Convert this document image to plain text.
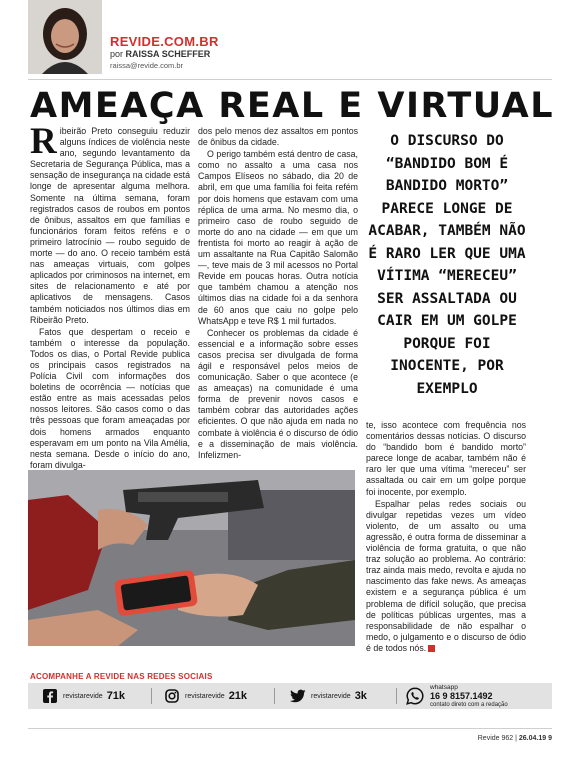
REVIDE.COM.BR
por RAISSA SCHEFFER
raissa@revide.com.br
AMEAÇA REAL E VIRTUAL

Ribeirão Preto conseguiu reduzir alguns índices de violência neste ano, segundo levantamento da Secretaria de Segurança Pública, mas a sensação de insegurança na cidade está longe de apresentar alguma melhora. Somente na última semana, foram registrados casos de roubos em pontos de ônibus, assaltos em que famílias e funcionários foram feitos reféns e o primeiro latrocínio — roubo seguido de morte — do ano. O receio também está nas ameaças virtuais, com golpes aplicados por criminosos na internet, em sites de relacionamento e até por aplicativos de mensagens. Casos também noticiados nos últimos dias em Ribeirão Preto.

Fatos que despertam o receio e também o interesse da população. Todos os dias, o Portal Revide publica os principais casos registrados na Polícia Civil com informações dos boletins de ocorrência — notícias que estão entre as mais acessadas pelos nossos leitores. São casos como o das três pessoas que foram ameaçadas por dois homens armados enquanto esperavam em um ponto na Vila Amélia, nesta semana. Desde o início do ano, foram divulga-

dos pelo menos dez assaltos em pontos de ônibus da cidade.

O perigo também está dentro de casa, como no assalto a uma casa nos Campos Elíseos no sábado, dia 20 de abril, em que uma família foi feita refém por dois homens que estavam com uma réplica de uma arma. No mesmo dia, o primeiro caso de roubo seguido de morte do ano na cidade — em que um frentista foi morto ao reagir à ação de um assaltante na Rua Capitão Salomão —, teve mais de 3 mil acessos no Portal Revide em poucas horas. Outra notícia que também chamou a atenção nos últimos dias na cidade foi a da senhora de 60 anos que caiu no golpe pelo WhatsApp e teve R$ 1 mil furtados.

Conhecer os problemas da cidade é essencial e a informação sobre esses casos precisa ser divulgada de forma ágil e responsável pelos meios de comunicação. Saber o que acontece (e as ameaças) na comunidade é uma forma de prevenir novos casos e também cobrar das autoridades ações eficientes. O que não ajuda em nada no combate à violência é o discurso de ódio e a disseminação de mais violência. Infelizmen-

O DISCURSO DO “BANDIDO BOM É BANDIDO MORTO” PARECE LONGE DE ACABAR, TAMBÉM NÃO É RARO LER QUE UMA VÍTIMA “MERECEU” SER ASSALTADA OU CAIR EM UM GOLPE PORQUE FOI INOCENTE, POR EXEMPLO

te, isso acontece com frequência nos comentários dessas notícias. O discurso do “bandido bom é bandido morto” parece longe de acabar, também não é raro ler que uma vítima “mereceu” ser assaltada ou cair em um golpe porque foi inocente, por exemplo.

Espalhar pelas redes sociais ou divulgar repetidas vezes um vídeo violento, de um assalto ou uma agressão, é outra forma de disseminar a violência de forma gratuita, o que não traz solução ao problema. Ao contrário: traz ainda mais medo, revolta e ajuda no nascimento das fake news. As ameaças existem e a segurança pública é um problema de difícil solução, que precisa de políticas públicas urgentes, mas a responsabilidade de não espalhar o medo, o julgamento e o discurso de ódio é de todos nós.

ACOMPANHE A REVIDE NAS REDES SOCIAIS
revistarevide 71k	revistarevide 21k	revistarevide 3k
whatsapp
16 9 8157.1492
contato direto com a redação
Revide 962 | 26.04.19 9
